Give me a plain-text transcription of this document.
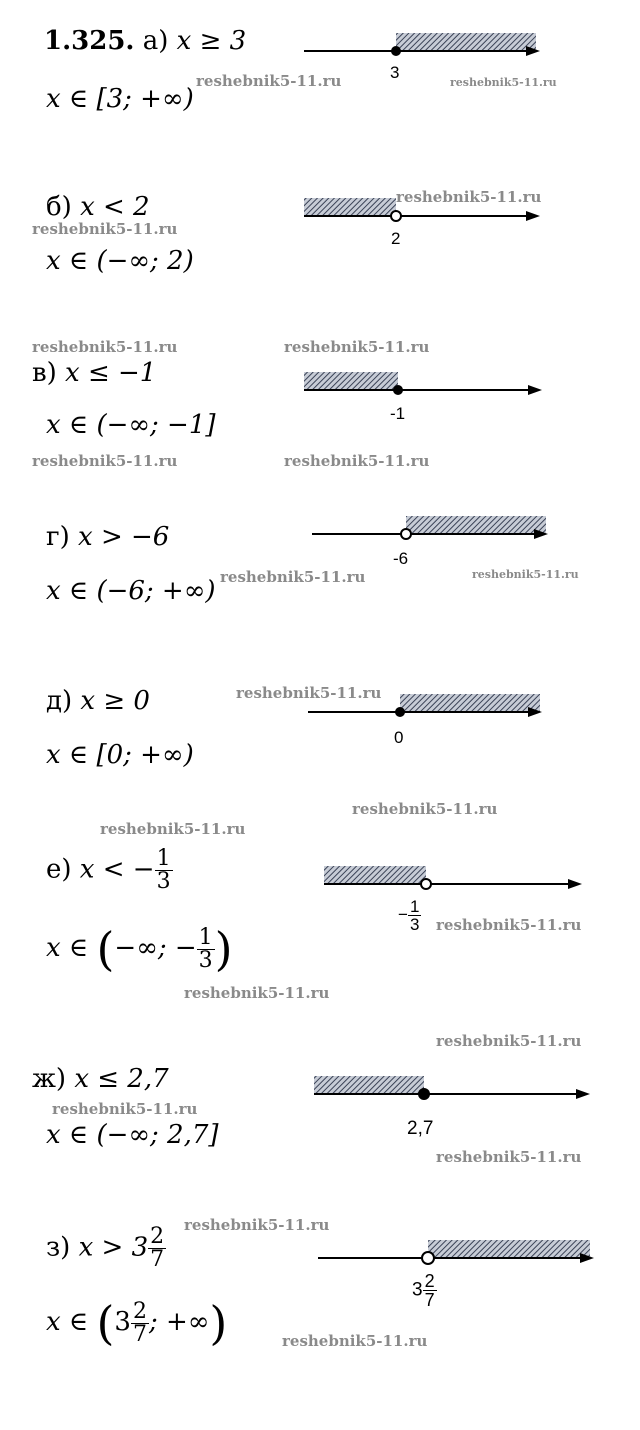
1.325. а) x ≥ 3
x ∈ [3; +∞)
3
б) x < 2
x ∈ (−∞; 2)
2
в) x ≤ −1
x ∈ (−∞; −1]	-1
г) x > −6
x ∈ (−6; +∞)
-6
д) x ≥ 0
x ∈ [0; +∞)
0
е) x < − $\frac{1}{3}$
x ∈ (−∞; − $\frac{1}{3}$ )
− $\frac{1}{3}$
ж) x ≤ 2,7
x ∈ (−∞; 2,7]	2,7
з) $x > 3 \frac{2}{7}$
x ∈ ($3 \frac{2}{7}$ ; +∞)
$3 \frac{2}{7}$
reshebnik5-11.ru	reshebnik5-11.ru
reshebnik5-11.ru
reshebnik5-11.ru
reshebnik5-11.ru	reshebnik5-11.ru
reshebnik5-11.ru	reshebnik5-11.ru
reshebnik5-11.ru	reshebnik5-11.ru
reshebnik5-11.ru
reshebnik5-11.ru
reshebnik5-11.ru
reshebnik5-11.ru
reshebnik5-11.ru
reshebnik5-11.ru
reshebnik5-11.ru
reshebnik5-11.ru
reshebnik5-11.ru
reshebnik5-11.ru
